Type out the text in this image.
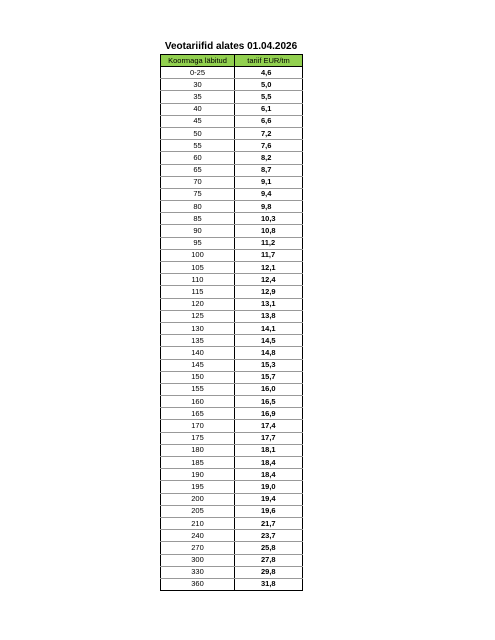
Veotariifid alates 01.04.2026
Koormaga läbitud	tariif EUR/tm
0-25	4,6
30	5,0
35	5,5
40	6,1
45	6,6
50	7,2
55	7,6
60	8,2
65	8,7
70	9,1
75	9,4
80	9,8
85	10,3
90	10,8
95	11,2
100	11,7
105	12,1
110	12,4
115	12,9
120	13,1
125	13,8
130	14,1
135	14,5
140	14,8
145	15,3
150	15,7
155	16,0
160	16,5
165	16,9
170	17,4
175	17,7
180	18,1
185	18,4
190	18,4
195	19,0
200	19,4
205	19,6
210	21,7
240	23,7
270	25,8
300	27,8
330	29,8
360	31,8
